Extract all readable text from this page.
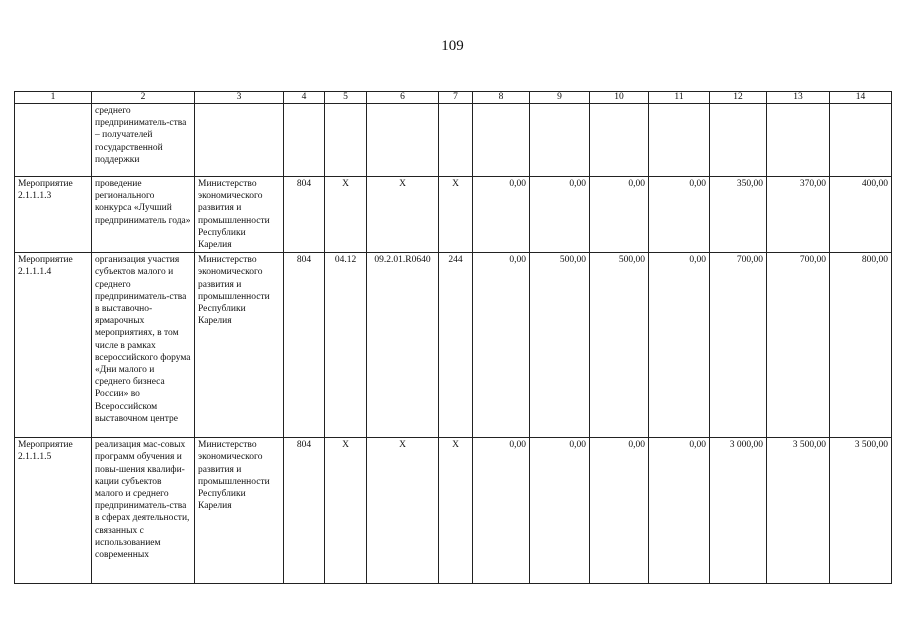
109
1	2	3	4	5	6	7	8	9	10	11	12	13	14
	среднего предприниматель-ства – получателей государственной поддержки												
Мероприятие 2.1.1.1.3	проведение регионального конкурса «Лучший предприниматель года»	Министерство экономического развития и промышленности Республики Карелия	804	X	X	X	0,00	0,00	0,00	0,00	350,00	370,00	400,00
Мероприятие 2.1.1.1.4	организация участия субъектов малого и среднего предприниматель-ства в выставочно-ярмарочных мероприятиях, в том числе в рамках всероссийского форума «Дни малого и среднего бизнеса России» во Всероссийском выставочном центре	Министерство экономического развития и промышленности Республики Карелия	804	04.12	09.2.01.R0640	244	0,00	500,00	500,00	0,00	700,00	700,00	800,00
Мероприятие 2.1.1.1.5	реализация мас-совых программ обучения и повы-шения квалифи-кации субъектов малого и среднего предприниматель-ства в сферах деятельности, связанных с использованием современных	Министерство экономического развития и промышленности Республики Карелия	804	X	X	X	0,00	0,00	0,00	0,00	3 000,00	3 500,00	3 500,00
